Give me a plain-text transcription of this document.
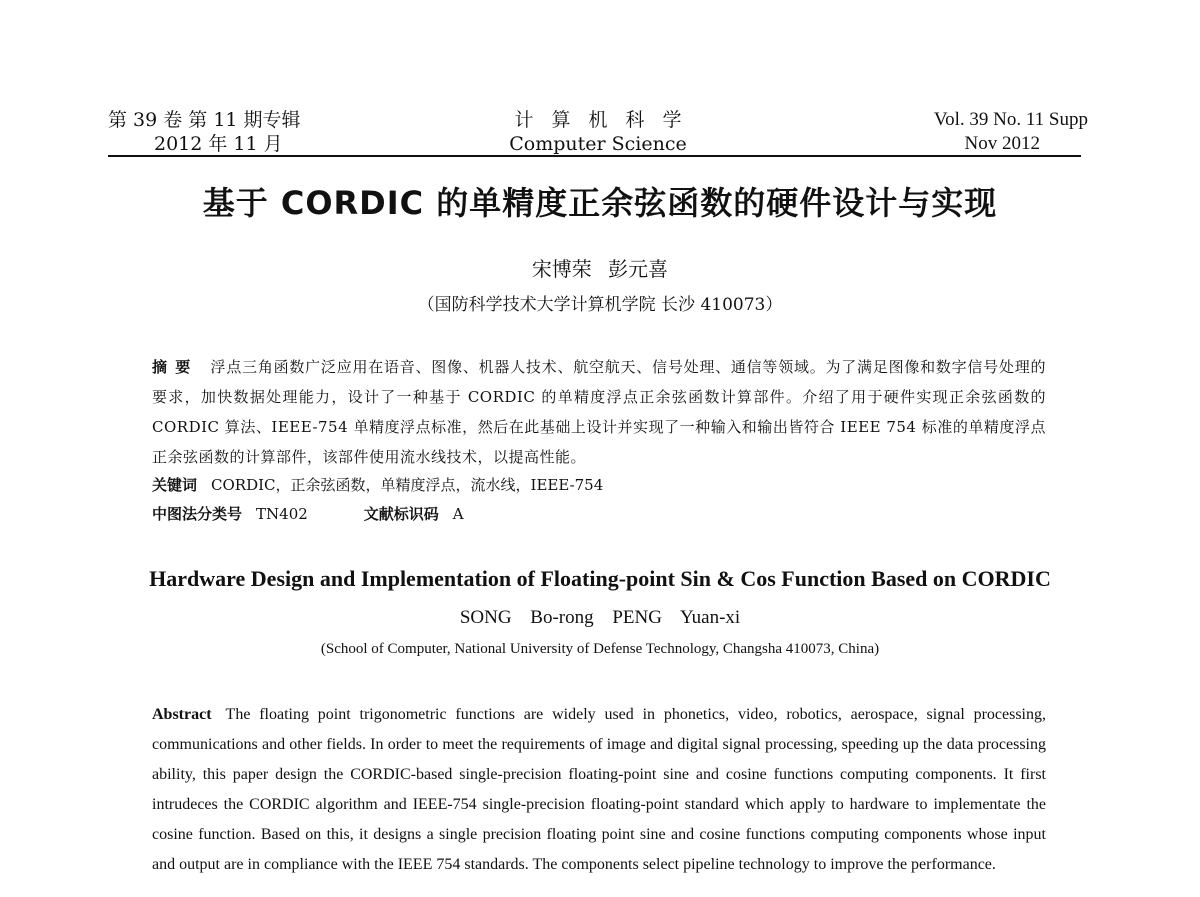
第 39 卷 第 11 期专辑
2012 年 11 月
计算机科学
Computer Science
Vol. 39 No. 11 Supp
Nov 2012
基于 CORDIC 的单精度正余弦函数的硬件设计与实现
宋博荣 彭元喜
（国防科学技术大学计算机学院 长沙 410073）
摘要 浮点三角函数广泛应用在语音、图像、机器人技术、航空航天、信号处理、通信等领域。为了满足图像和数字信号处理的要求，加快数据处理能力，设计了一种基于 CORDIC 的单精度浮点正余弦函数计算部件。介绍了用于硬件实现正余弦函数的 CORDIC 算法、IEEE-754 单精度浮点标准，然后在此基础上设计并实现了一种输入和输出皆符合 IEEE 754 标准的单精度浮点正余弦函数的计算部件，该部件使用流水线技术，以提高性能。
关键词 CORDIC，正余弦函数，单精度浮点，流水线，IEEE-754
中图法分类号 TN402	文献标识码 A
Hardware Design and Implementation of Floating-point Sin & Cos Function Based on CORDIC
SONG Bo-rong PENG Yuan-xi
(School of Computer, National University of Defense Technology, Changsha 410073, China)

Abstract The floating point trigonometric functions are widely used in phonetics, video, robotics, aerospace, signal processing, communications and other fields. In order to meet the requirements of image and digital signal processing, speeding up the data processing ability, this paper design the CORDIC-based single-precision floating-point sine and cosine functions computing components. It first intrudeces the CORDIC algorithm and IEEE-754 single-precision floating-point standard which apply to hardware to implementate the cosine function. Based on this, it designs a single precision floating point sine and cosine functions computing components whose input and output are in compliance with the IEEE 754 standards. The components select pipeline technology to improve the performance.
